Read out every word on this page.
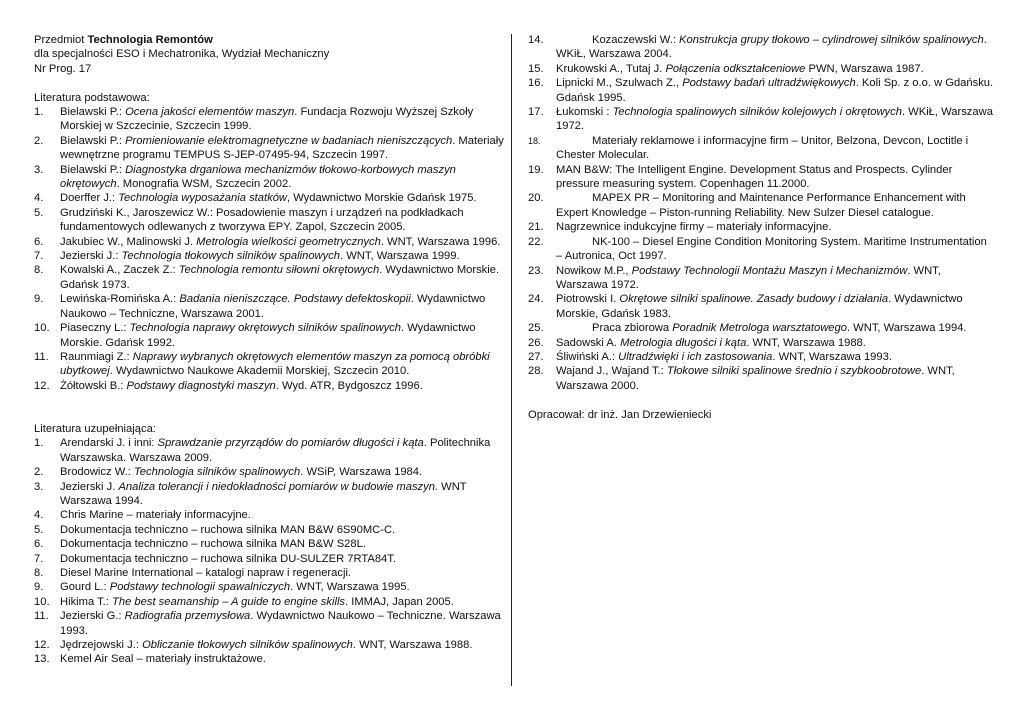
Przedmiot Technologia Remontów
dla specjalności ESO i Mechatronika, Wydział Mechaniczny
Nr Prog. 17
Literatura podstawowa:
1. Bielawski P.: Ocena jakości elementów maszyn. Fundacja Rozwoju Wyższej Szkoły Morskiej w Szczecinie, Szczecin 1999.
2. Bielawski P.: Promieniowanie elektromagnetyczne w badaniach nieniszczących. Materiały wewnętrzne programu TEMPUS S-JEP-07495-94, Szczecin 1997.
3. Bielawski P.: Diagnostyka drganiowa mechanizmów tłokowo-korbowych maszyn okrętowych. Monografia WSM, Szczecin 2002.
4. Doerffer J.: Technologia wyposażania statków, Wydawnictwo Morskie Gdańsk 1975.
5. Grudziński K., Jaroszewicz W.: Posadowienie maszyn i urządzeń na podkładkach fundamentowych odlewanych z tworzywa EPY. Zapol, Szczecin 2005.
6. Jakubiec W., Malinowski J. Metrologia wielkości geometrycznych. WNT, Warszawa 1996.
7. Jezierski J.: Technologia tłokowych silników spalinowych. WNT, Warszawa 1999.
8. Kowalski A., Zaczek Z.: Technologia remontu siłowni okrętowych. Wydawnictwo Morskie. Gdańsk 1973.
9. Lewińska-Romińska A.: Badania nieniszczące. Podstawy defektoskopii. Wydawnictwo Naukowo – Techniczne, Warszawa 2001.
10. Piaseczny L.: Technologia naprawy okrętowych silników spalinowych. Wydawnictwo Morskie. Gdańsk 1992.
11. Raunmiagi Z.: Naprawy wybranych okrętowych elementów maszyn za pomocą obróbki ubytkowej. Wydawnictwo Naukowe Akademii Morskiej, Szczecin 2010.
12. Żółtowski B.: Podstawy diagnostyki maszyn. Wyd. ATR, Bydgoszcz 1996.
Literatura uzupełniająca:
1. Arendarski J. i inni: Sprawdzanie przyrządów do pomiarów długości i kąta. Politechnika Warszawska. Warszawa 2009.
2. Brodowicz W.: Technologia silników spalinowych. WSiP, Warszawa 1984.
3. Jezierski J. Analiza tolerancji i niedokładności pomiarów w budowie maszyn. WNT Warszawa 1994.
4. Chris Marine – materiały informacyjne.
5. Dokumentacja techniczno – ruchowa silnika MAN B&W 6S90MC-C.
6. Dokumentacja techniczno – ruchowa silnika MAN B&W S28L.
7. Dokumentacja techniczno – ruchowa silnika DU-SULZER 7RTA84T.
8. Diesel Marine International – katalogi napraw i regeneracji.
9. Gourd L.: Podstawy technologii spawalniczych. WNT, Warszawa 1995.
10. Hikima T.: The best seamanship – A guide to engine skills. IMMAJ, Japan 2005.
11. Jezierski G.: Radiografia przemysłowa. Wydawnictwo Naukowo – Techniczne. Warszawa 1993.
12. Jędrzejowski J.: Obliczanie tłokowych silników spalinowych. WNT, Warszawa 1988.
13. Kemel Air Seal – materiały instruktażowe.
14.	Kozaczewski W.: Konstrukcja grupy tłokowo – cylindrowej silników spalinowych. WKiŁ, Warszawa 2004.
15. Krukowski A., Tutaj J. Połączenia odkształceniowe PWN, Warszawa 1987.
16. Lipnicki M., Szulwach Z., Podstawy badań ultradźwiękowych. Koli Sp. z o.o. w Gdańsku. Gdańsk 1995.
17. Łukomski : Technologia spalinowych silników kolejowych i okrętowych. WKiŁ, Warszawa 1972.
18.	Materiały reklamowe i informacyjne firm – Unitor, Belzona, Devcon, Loctitle i Chester Molecular.
19. MAN B&W: The Intelligent Engine. Development Status and Prospects. Cylinder pressure measuring system. Copenhagen 11.2000.
20.	MAPEX PR – Monitoring and Maintenance Performance Enhancement with Expert Knowledge – Piston-running Reliability. New Sulzer Diesel catalogue.
21. Nagrzewnice indukcyjne firmy – materiały informacyjne.
22.	NK-100 – Diesel Engine Condition Monitoring System. Maritime Instrumentation – Autronica, Oct 1997.
23. Nowikow M.P., Podstawy Technologii Montażu Maszyn i Mechanizmów. WNT, Warszawa 1972.
24. Piotrowski I. Okrętowe silniki spalinowe. Zasady budowy i działania. Wydawnictwo Morskie, Gdańsk 1983.
25.	Praca zbiorowa Poradnik Metrologa warsztatowego. WNT, Warszawa 1994.
26. Sadowski A. Metrologia długości i kąta. WNT, Warszawa 1988.
27. Śliwiński A.: Ultradźwięki i ich zastosowania. WNT, Warszawa 1993.
28. Wajand J., Wajand T.: Tłokowe silniki spalinowe średnio i szybkoobrotowe. WNT, Warszawa 2000.
Opracował: dr inż. Jan Drzewieniecki
